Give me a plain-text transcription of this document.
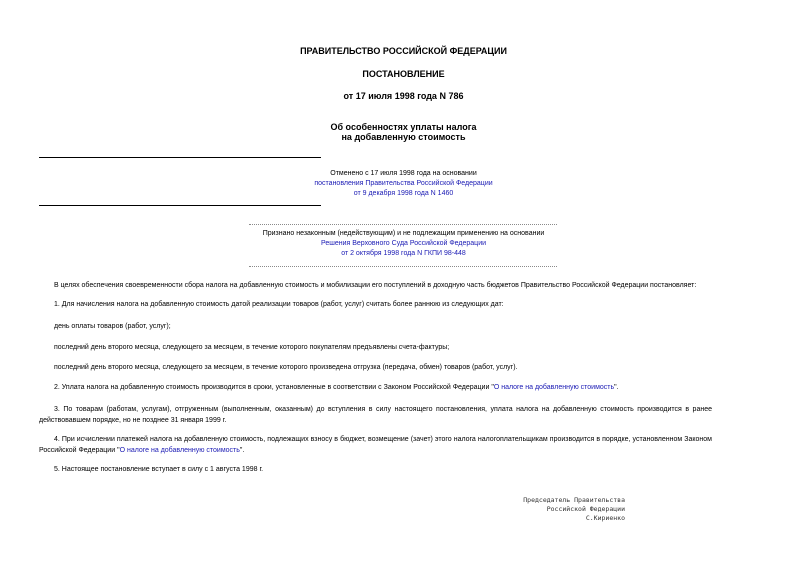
ПРАВИТЕЛЬСТВО РОССИЙСКОЙ ФЕДЕРАЦИИ
ПОСТАНОВЛЕНИЕ
от 17 июля 1998 года N 786
Об особенностях уплаты налога
на добавленную стоимость
Отменено с 17 июля 1998 года на основании
постановления Правительства Российской Федерации
от 9 декабря 1998 года N 1460
Признано незаконным (недействующим) и не подлежащим применению на основании
Решения Верховного Суда Российской Федерации
от 2 октября 1998 года N ГКПИ 98-448
В целях обеспечения своевременности сбора налога на добавленную стоимость и мобилизации его поступлений в доходную часть бюджетов Правительство Российской Федерации постановляет:
1. Для начисления налога на добавленную стоимость датой реализации товаров (работ, услуг) считать более раннюю из следующих дат:
день оплаты товаров (работ, услуг);
последний день второго месяца, следующего за месяцем, в течение которого покупателям предъявлены счета-фактуры;
последний день второго месяца, следующего за месяцем, в течение которого произведена отгрузка (передача, обмен) товаров (работ, услуг).
2. Уплата налога на добавленную стоимость производится в сроки, установленные в соответствии с Законом Российской Федерации "О налоге на добавленную стоимость".
3. По товарам (работам, услугам), отгруженным (выполненным, оказанным) до вступления в силу настоящего постановления, уплата налога на добавленную стоимость производится в ранее действовавшем порядке, но не позднее 31 января 1999 г.
4. При исчислении платежей налога на добавленную стоимость, подлежащих взносу в бюджет, возмещение (зачет) этого налога налогоплательщикам производится в порядке, установленном Законом Российской Федерации "О налоге на добавленную стоимость".
5. Настоящее постановление вступает в силу с 1 августа 1998 г.
Председатель Правительства
Российской Федерации
С.Кириенко
